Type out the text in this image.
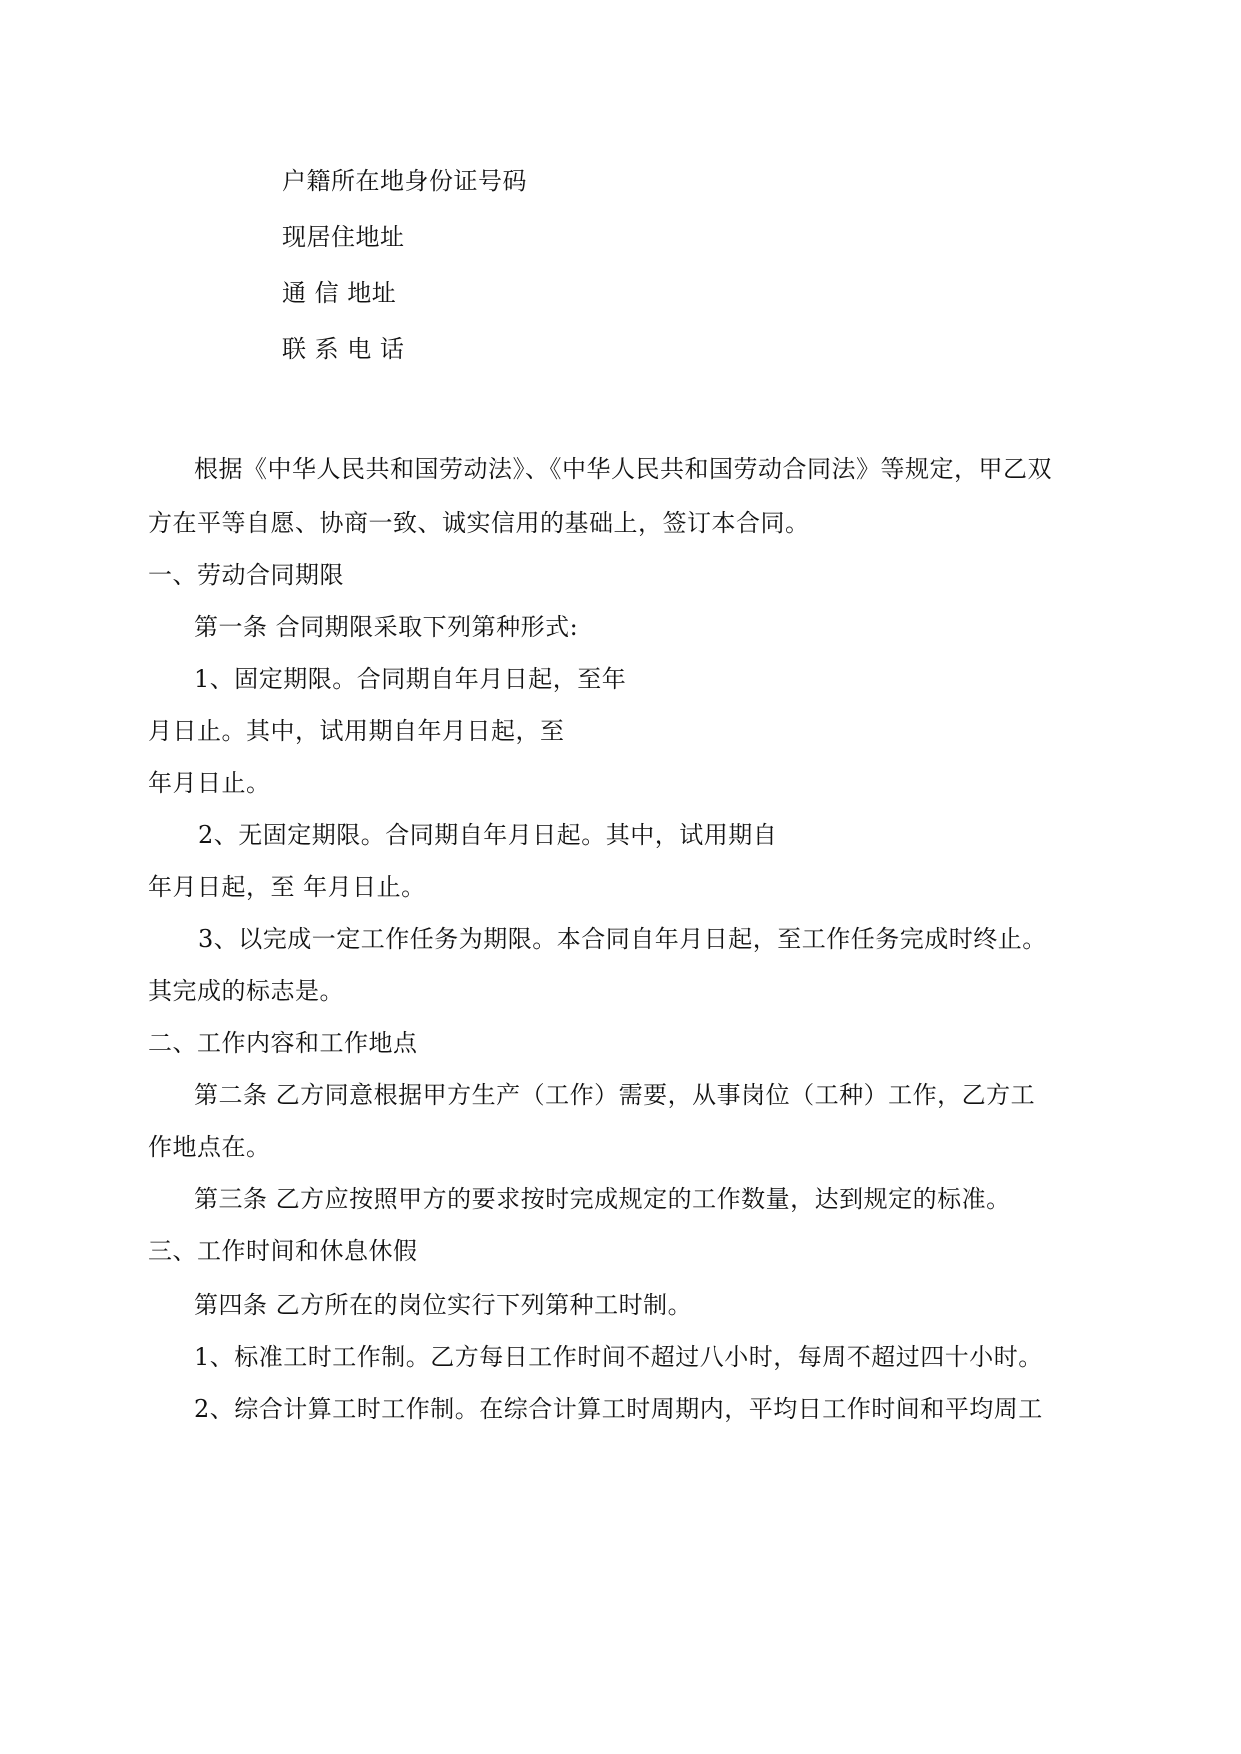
户籍所在地身份证号码
现居住地址
通 信 地址
联 系 电 话
根据《中华人民共和国劳动法》、《中华人民共和国劳动合同法》等规定，甲乙双
方在平等自愿、协商一致、诚实信用的基础上，签订本合同。
一、劳动合同期限
第一条 合同期限采取下列第种形式:
1、固定期限。合同期自年月日起，至年
月日止。其中，试用期自年月日起，至
年月日止。
2、无固定期限。合同期自年月日起。其中，试用期自
年月日起，至 年月日止。
3、以完成一定工作任务为期限。本合同自年月日起，至工作任务完成时终止。
其完成的标志是。
二、工作内容和工作地点
第二条 乙方同意根据甲方生产（工作）需要，从事岗位（工种）工作，乙方工
作地点在。
第三条 乙方应按照甲方的要求按时完成规定的工作数量，达到规定的标准。
三、工作时间和休息休假
第四条 乙方所在的岗位实行下列第种工时制。
1、标准工时工作制。乙方每日工作时间不超过八小时，每周不超过四十小时。
2、综合计算工时工作制。在综合计算工时周期内，平均日工作时间和平均周工
